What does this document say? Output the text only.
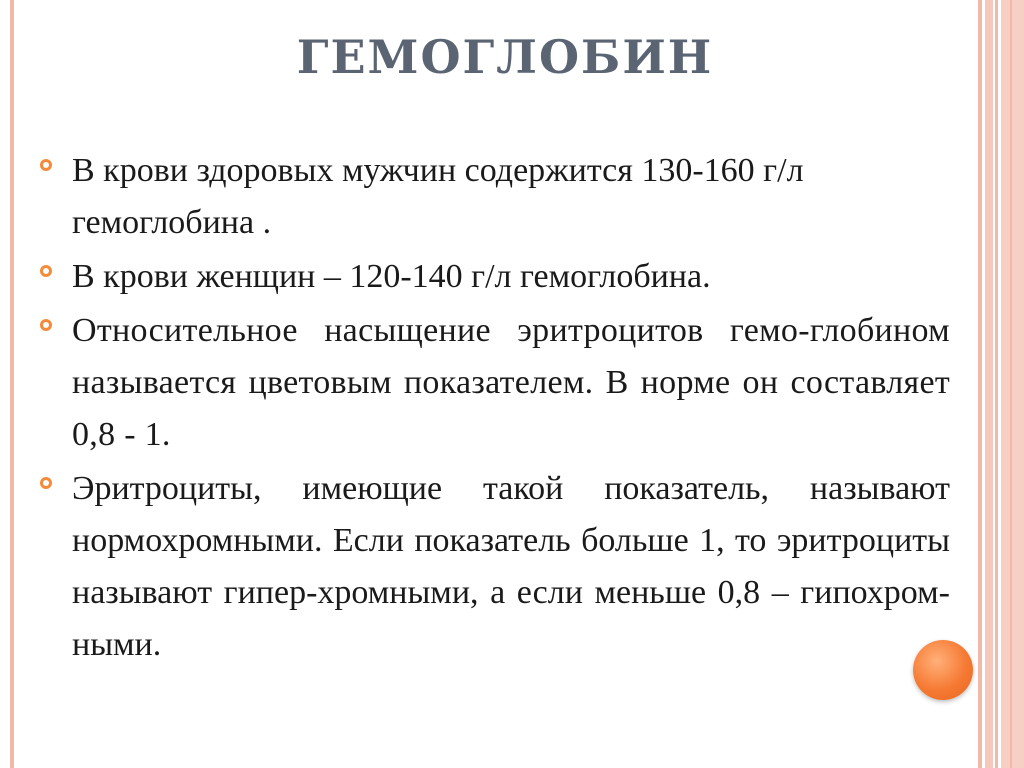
ГЕМОГЛОБИН
В крови здоровых мужчин содержится 130-160 г/л гемоглобина .
В крови женщин – 120-140 г/л гемоглобина.
Относительное насыщение эритроцитов гемо-глобином называется цветовым показателем. В норме он составляет 0,8 - 1.
Эритроциты, имеющие такой показатель, называют нормохромными. Если показатель больше 1, то эритроциты называют гипер-хромными, а если меньше 0,8 – гипохром-ными.
